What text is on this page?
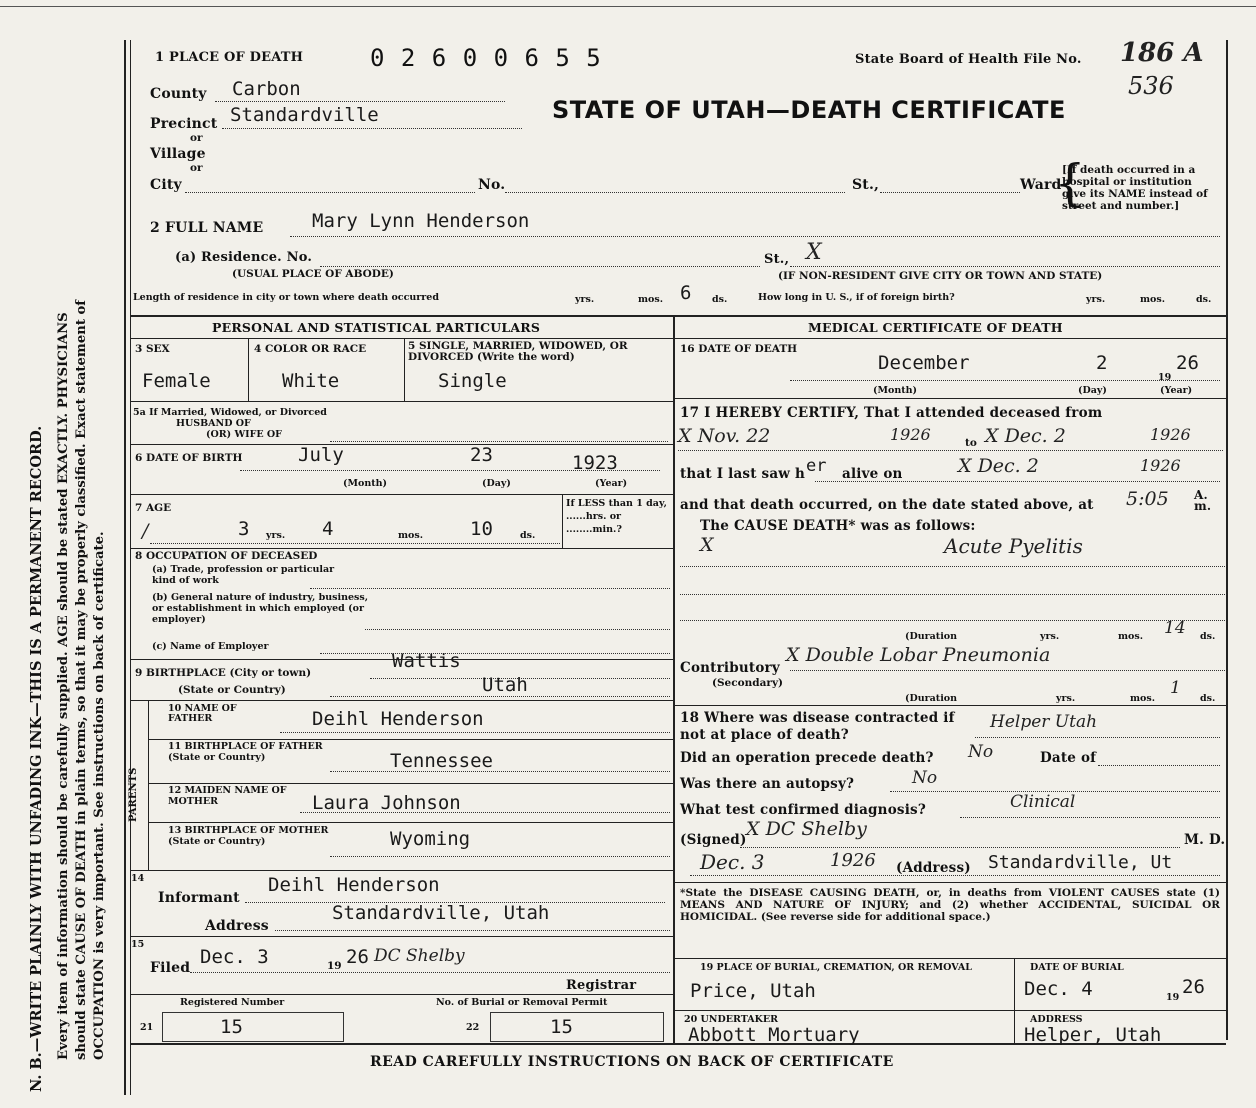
N. B.—WRITE PLAINLY WITH UNFADING INK—THIS IS A PERMANENT RECORD. Every item of information should be carefully supplied. AGE should be stated EXACTLY. PHYSICIANS should state CAUSE OF DEATH in plain terms, so that it may be properly classified. Exact statement of OCCUPATION is very important. See instructions on back of certificate.
1 PLACE OF DEATH	0 2 6 0 0 6 5 5	State Board of Health File No. 186 A
536
STATE OF UTAH—DEATH CERTIFICATE
County Carbon
Precinct Standardville
or
Village
or
City	No.	St.,	Ward
{
[If death occurred in a hospital or institution give its NAME instead of street and number.]
2 FULL NAME	Mary Lynn Henderson
(a) Residence. No.	St., X
(USUAL PLACE OF ABODE)	(IF NON-RESIDENT GIVE CITY OR TOWN AND STATE)
Length of residence in city or town where death occurred	yrs.	mos. 6 ds.	How long in U. S., if of foreign birth?	yrs.	mos.	ds.
PERSONAL AND STATISTICAL PARTICULARS
3 SEX
Female
4 COLOR OR RACE
White
5 SINGLE, MARRIED, WIDOWED, OR DIVORCED (Write the word)
Single
5a If Married, Widowed, or Divorced
HUSBAND OF
(OR) WIFE OF
6 DATE OF BIRTH	July	23	1923
(Month)	(Day)	(Year)
7 AGE
/	3 yrs. 4	mos. 10	ds.
If LESS than 1 day, ......hrs. or ........min.?
8 OCCUPATION OF DECEASED
(a) Trade, profession or particular kind of work
(b) General nature of industry, business, or establishment in which employed (or employer)
(c) Name of Employer
9 BIRTHPLACE (City or town)
Wattis
(State or Country)	Utah
PARENTS
10 NAME OF FATHER	Deihl Henderson
11 BIRTHPLACE OF FATHER (State or Country)	Tennessee
12 MAIDEN NAME OF MOTHER	Laura Johnson
13 BIRTHPLACE OF MOTHER (State or Country)	Wyoming
14
Informant
Deihl Henderson
Address
Standardville, Utah
15
Filed Dec. 3	19 26 DC Shelby
Registrar
Registered Number	No. of Burial or Removal Permit
21	15	22	15
MEDICAL CERTIFICATE OF DEATH
16 DATE OF DEATH
December	2
19
26
(Month)	(Day)	(Year)
17 I HEREBY CERTIFY, That I attended deceased from
X Nov. 22	1926	to X Dec. 2	1926
that I last saw h er alive on	X Dec. 2	1926
and that death occurred, on the date stated above, at 5:05 A. m.
The CAUSE DEATH* was as follows:
X	Acute Pyelitis
(Duration	yrs.	mos. 14 ds.
Contributory
X Double Lobar Pneumonia
(Secondary)
(Duration	yrs.	mos.
1
ds.
18 Where was disease contracted if not at place of death?
Helper Utah
Did an operation precede death? No	Date of
Was there an autopsy?	No
What test confirmed diagnosis?	Clinical
(Signed) X DC Shelby	M. D.
Dec. 3	1926 (Address) Standardville, Ut
*State the DISEASE CAUSING DEATH, or, in deaths from VIOLENT CAUSES state (1) MEANS AND NATURE OF INJURY; and (2) whether ACCIDENTAL, SUICIDAL OR HOMICIDAL. (See reverse side for additional space.)
19 PLACE OF BURIAL, CREMATION, OR REMOVAL
Price, Utah
DATE OF BURIAL
Dec. 4	19 26
20 UNDERTAKER
Abbott Mortuary
ADDRESS
Helper, Utah
READ CAREFULLY INSTRUCTIONS ON BACK OF CERTIFICATE
